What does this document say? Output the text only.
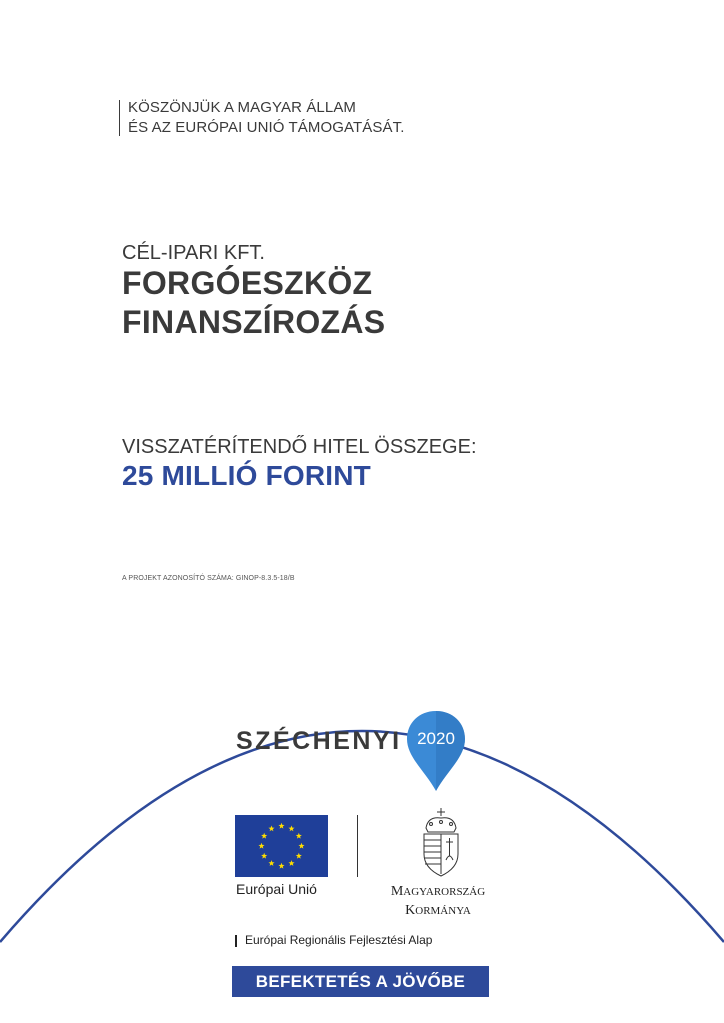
KÖSZÖNJÜK A MAGYAR ÁLLAM
ÉS AZ EURÓPAI UNIÓ TÁMOGATÁSÁT.
CÉL-IPARI KFT.
FORGÓESZKÖZ
FINANSZÍROZÁS
VISSZATÉRÍTENDŐ HITEL ÖSSZEGE:
25 MILLIÓ FORINT
A PROJEKT AZONOSÍTÓ SZÁMA: GINOP-8.3.5-18/B
SZÉCHENYI 2020
Európai Unió	MAGYARORSZÁG
KORMÁNYA
Európai Regionális Fejlesztési Alap
BEFEKTETÉS A JÖVŐBE
